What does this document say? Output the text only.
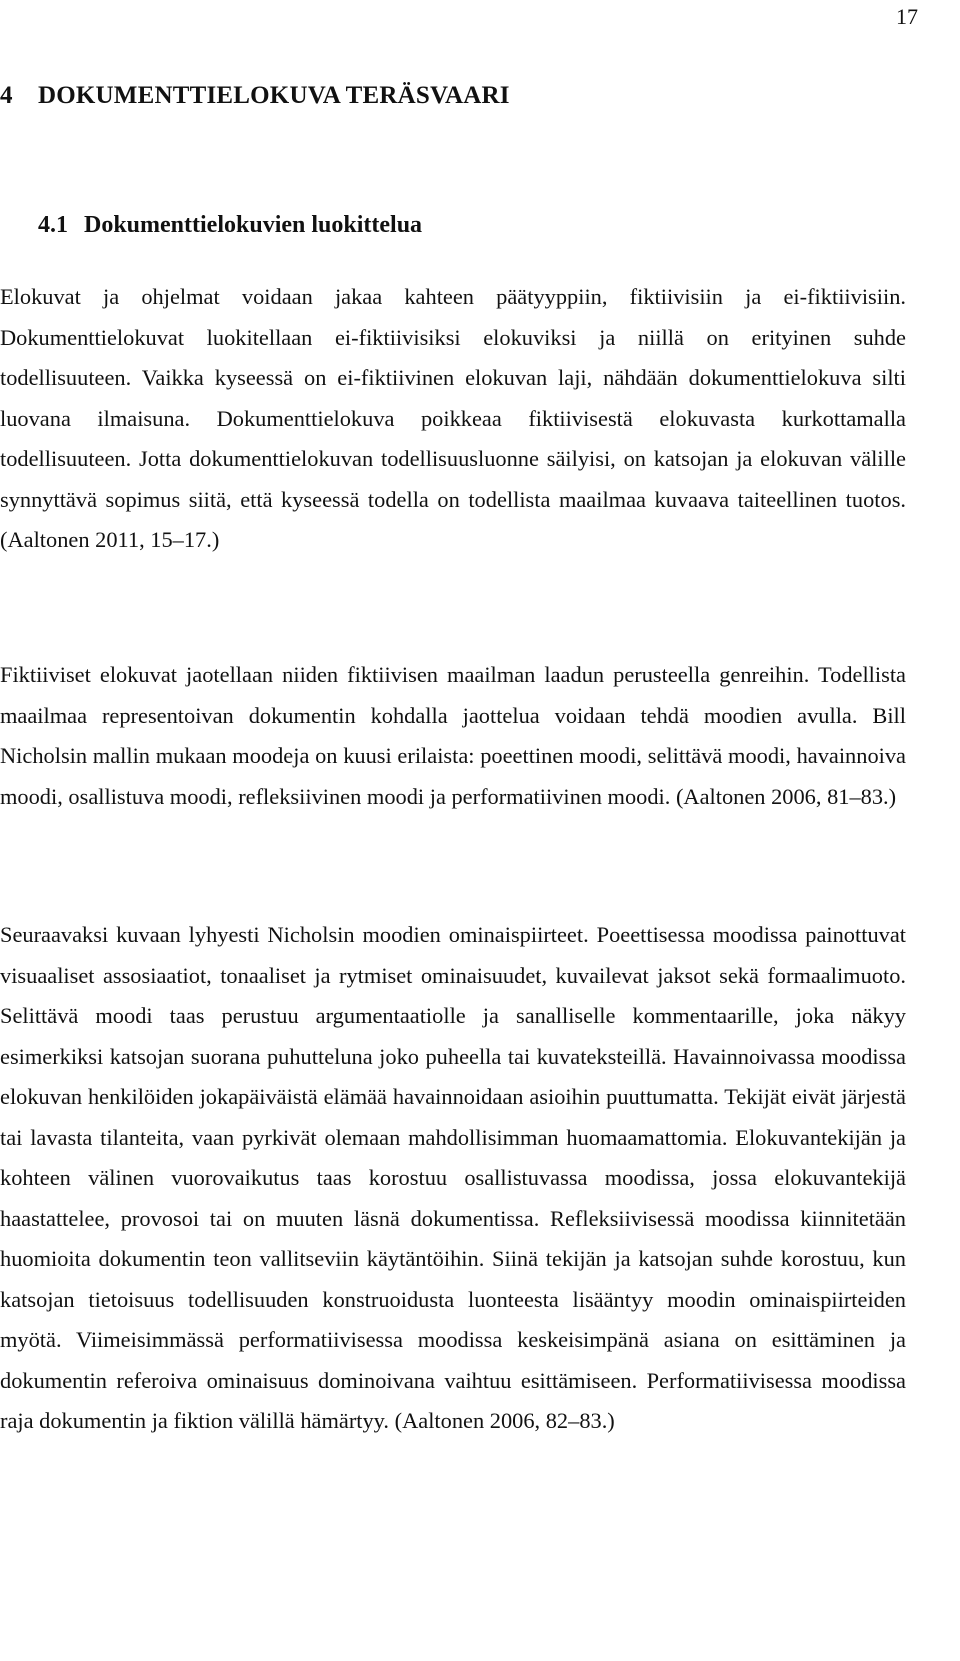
17
4 DOKUMENTTIELOKUVA TERÄSVAARI
4.1 Dokumenttielokuvien luokittelua

Elokuvat ja ohjelmat voidaan jakaa kahteen päätyyppiin, fiktiivisiin ja ei-fiktiivisiin. Dokumenttielokuvat luokitellaan ei-fiktiivisiksi elokuviksi ja niillä on erityinen suhde todellisuuteen. Vaikka kyseessä on ei-fiktiivinen elokuvan laji, nähdään dokumenttielokuva silti luovana ilmaisuna. Dokumenttielokuva poikkeaa fiktiivisestä elokuvasta kurkottamalla todellisuuteen. Jotta dokumenttielokuvan todellisuusluonne säilyisi, on katsojan ja elokuvan välille synnyttävä sopimus siitä, että kyseessä todella on todellista maailmaa kuvaava taiteellinen tuotos. (Aaltonen 2011, 15–17.)

Fiktiiviset elokuvat jaotellaan niiden fiktiivisen maailman laadun perusteella genreihin. Todellista maailmaa representoivan dokumentin kohdalla jaottelua voidaan tehdä moodien avulla. Bill Nicholsin mallin mukaan moodeja on kuusi erilaista: poeettinen moodi, selittävä moodi, havainnoiva moodi, osallistuva moodi, refleksiivinen moodi ja performatiivinen moodi. (Aaltonen 2006, 81–83.)

Seuraavaksi kuvaan lyhyesti Nicholsin moodien ominaispiirteet. Poeettisessa moodissa painottuvat visuaaliset assosiaatiot, tonaaliset ja rytmiset ominaisuudet, kuvailevat jaksot sekä formaalimuoto. Selittävä moodi taas perustuu argumentaatiolle ja sanalliselle kommentaarille, joka näkyy esimerkiksi katsojan suorana puhutteluna joko puheella tai kuvateksteillä. Havainnoivassa moodissa elokuvan henkilöiden jokapäiväistä elämää havainnoidaan asioihin puuttumatta. Tekijät eivät järjestä tai lavasta tilanteita, vaan pyrkivät olemaan mahdollisimman huomaamattomia. Elokuvantekijän ja kohteen välinen vuorovaikutus taas korostuu osallistuvassa moodissa, jossa elokuvantekijä haastattelee, provosoi tai on muuten läsnä dokumentissa. Refleksiivisessä moodissa kiinnitetään huomioita dokumentin teon vallitseviin käytäntöihin. Siinä tekijän ja katsojan suhde korostuu, kun katsojan tietoisuus todellisuuden konstruoidusta luonteesta lisääntyy moodin ominaispiirteiden myötä. Viimeisimmässä performatiivisessa moodissa keskeisimpänä asiana on esittäminen ja dokumentin referoiva ominaisuus dominoivana vaihtuu esittämiseen. Performatiivisessa moodissa raja dokumentin ja fiktion välillä hämärtyy. (Aaltonen 2006, 82–83.)
